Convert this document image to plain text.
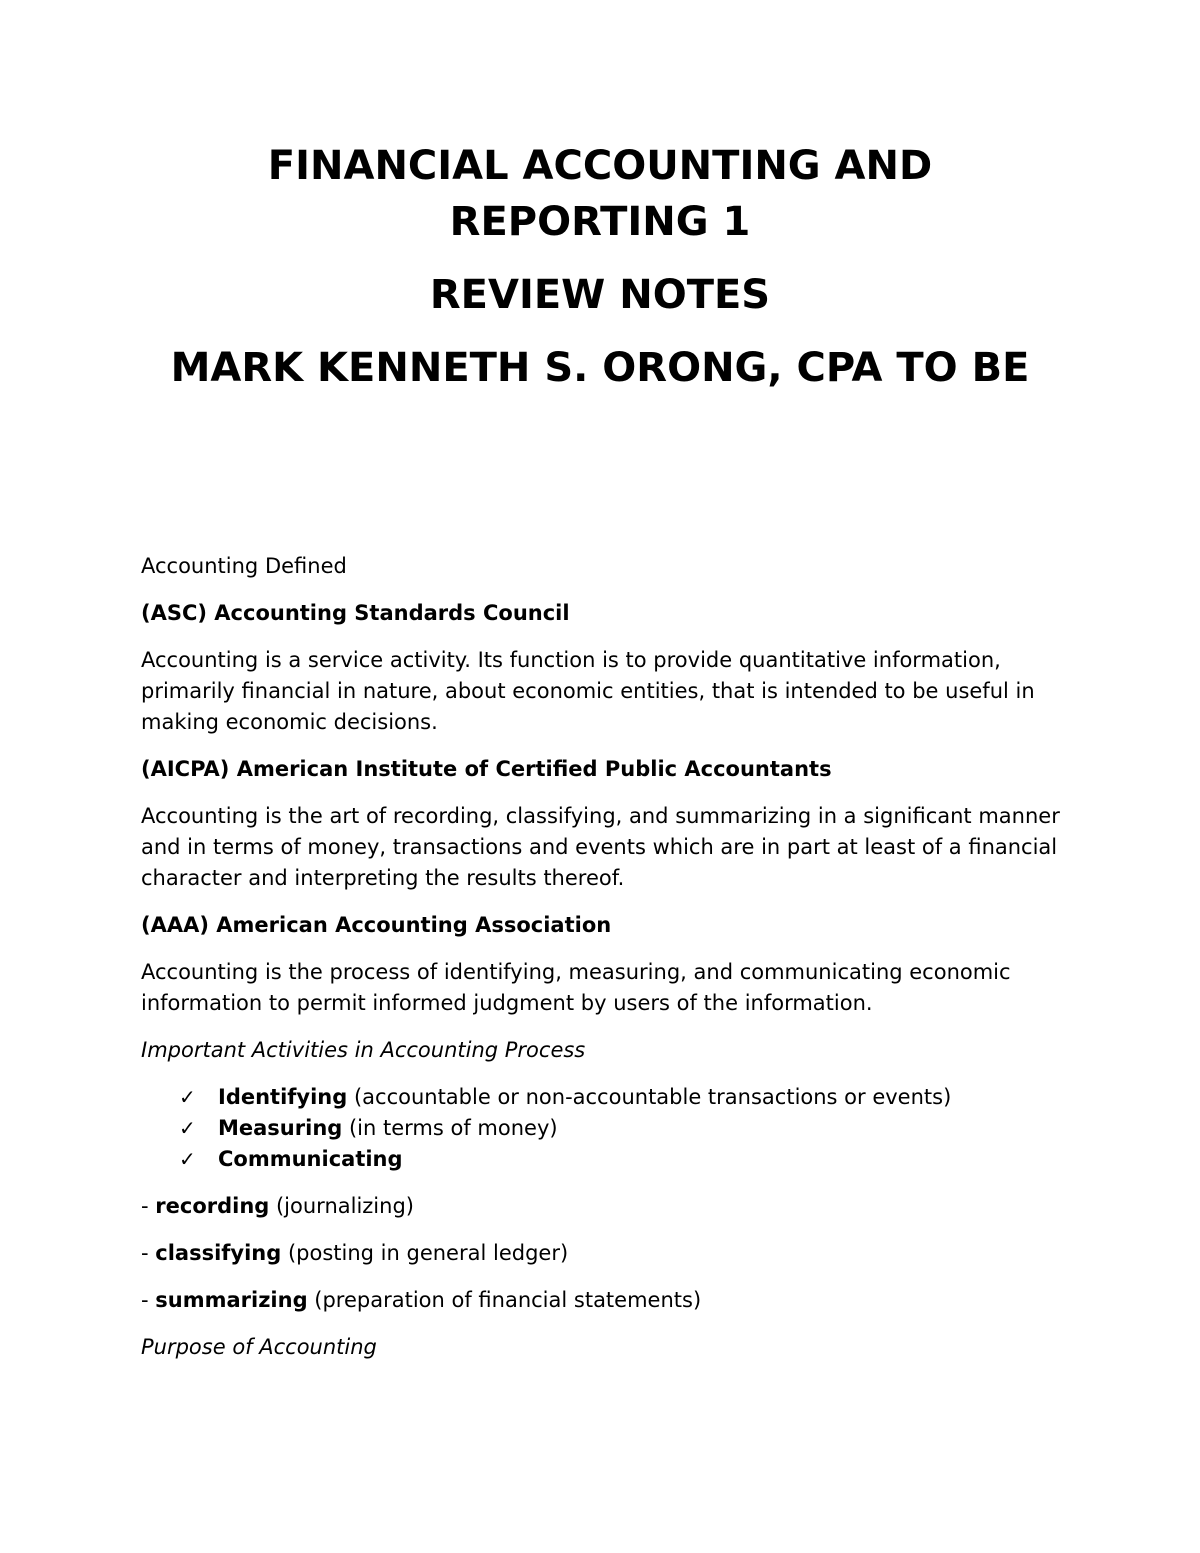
FINANCIAL ACCOUNTING AND REPORTING 1
REVIEW NOTES
MARK KENNETH S. ORONG, CPA TO BE

Accounting Defined

(ASC) Accounting Standards Council

Accounting is a service activity. Its function is to provide quantitative information, primarily financial in nature, about economic entities, that is intended to be useful in making economic decisions.

(AICPA) American Institute of Certified Public Accountants

Accounting is the art of recording, classifying, and summarizing in a significant manner and in terms of money, transactions and events which are in part at least of a financial character and interpreting the results thereof.

(AAA) American Accounting Association

Accounting is the process of identifying, measuring, and communicating economic information to permit informed judgment by users of the information.

Important Activities in Accounting Process

✓ Identifying (accountable or non-accountable transactions or events)
✓ Measuring (in terms of money)
✓ Communicating

- recording (journalizing)

- classifying (posting in general ledger)

- summarizing (preparation of financial statements)

Purpose of Accounting
